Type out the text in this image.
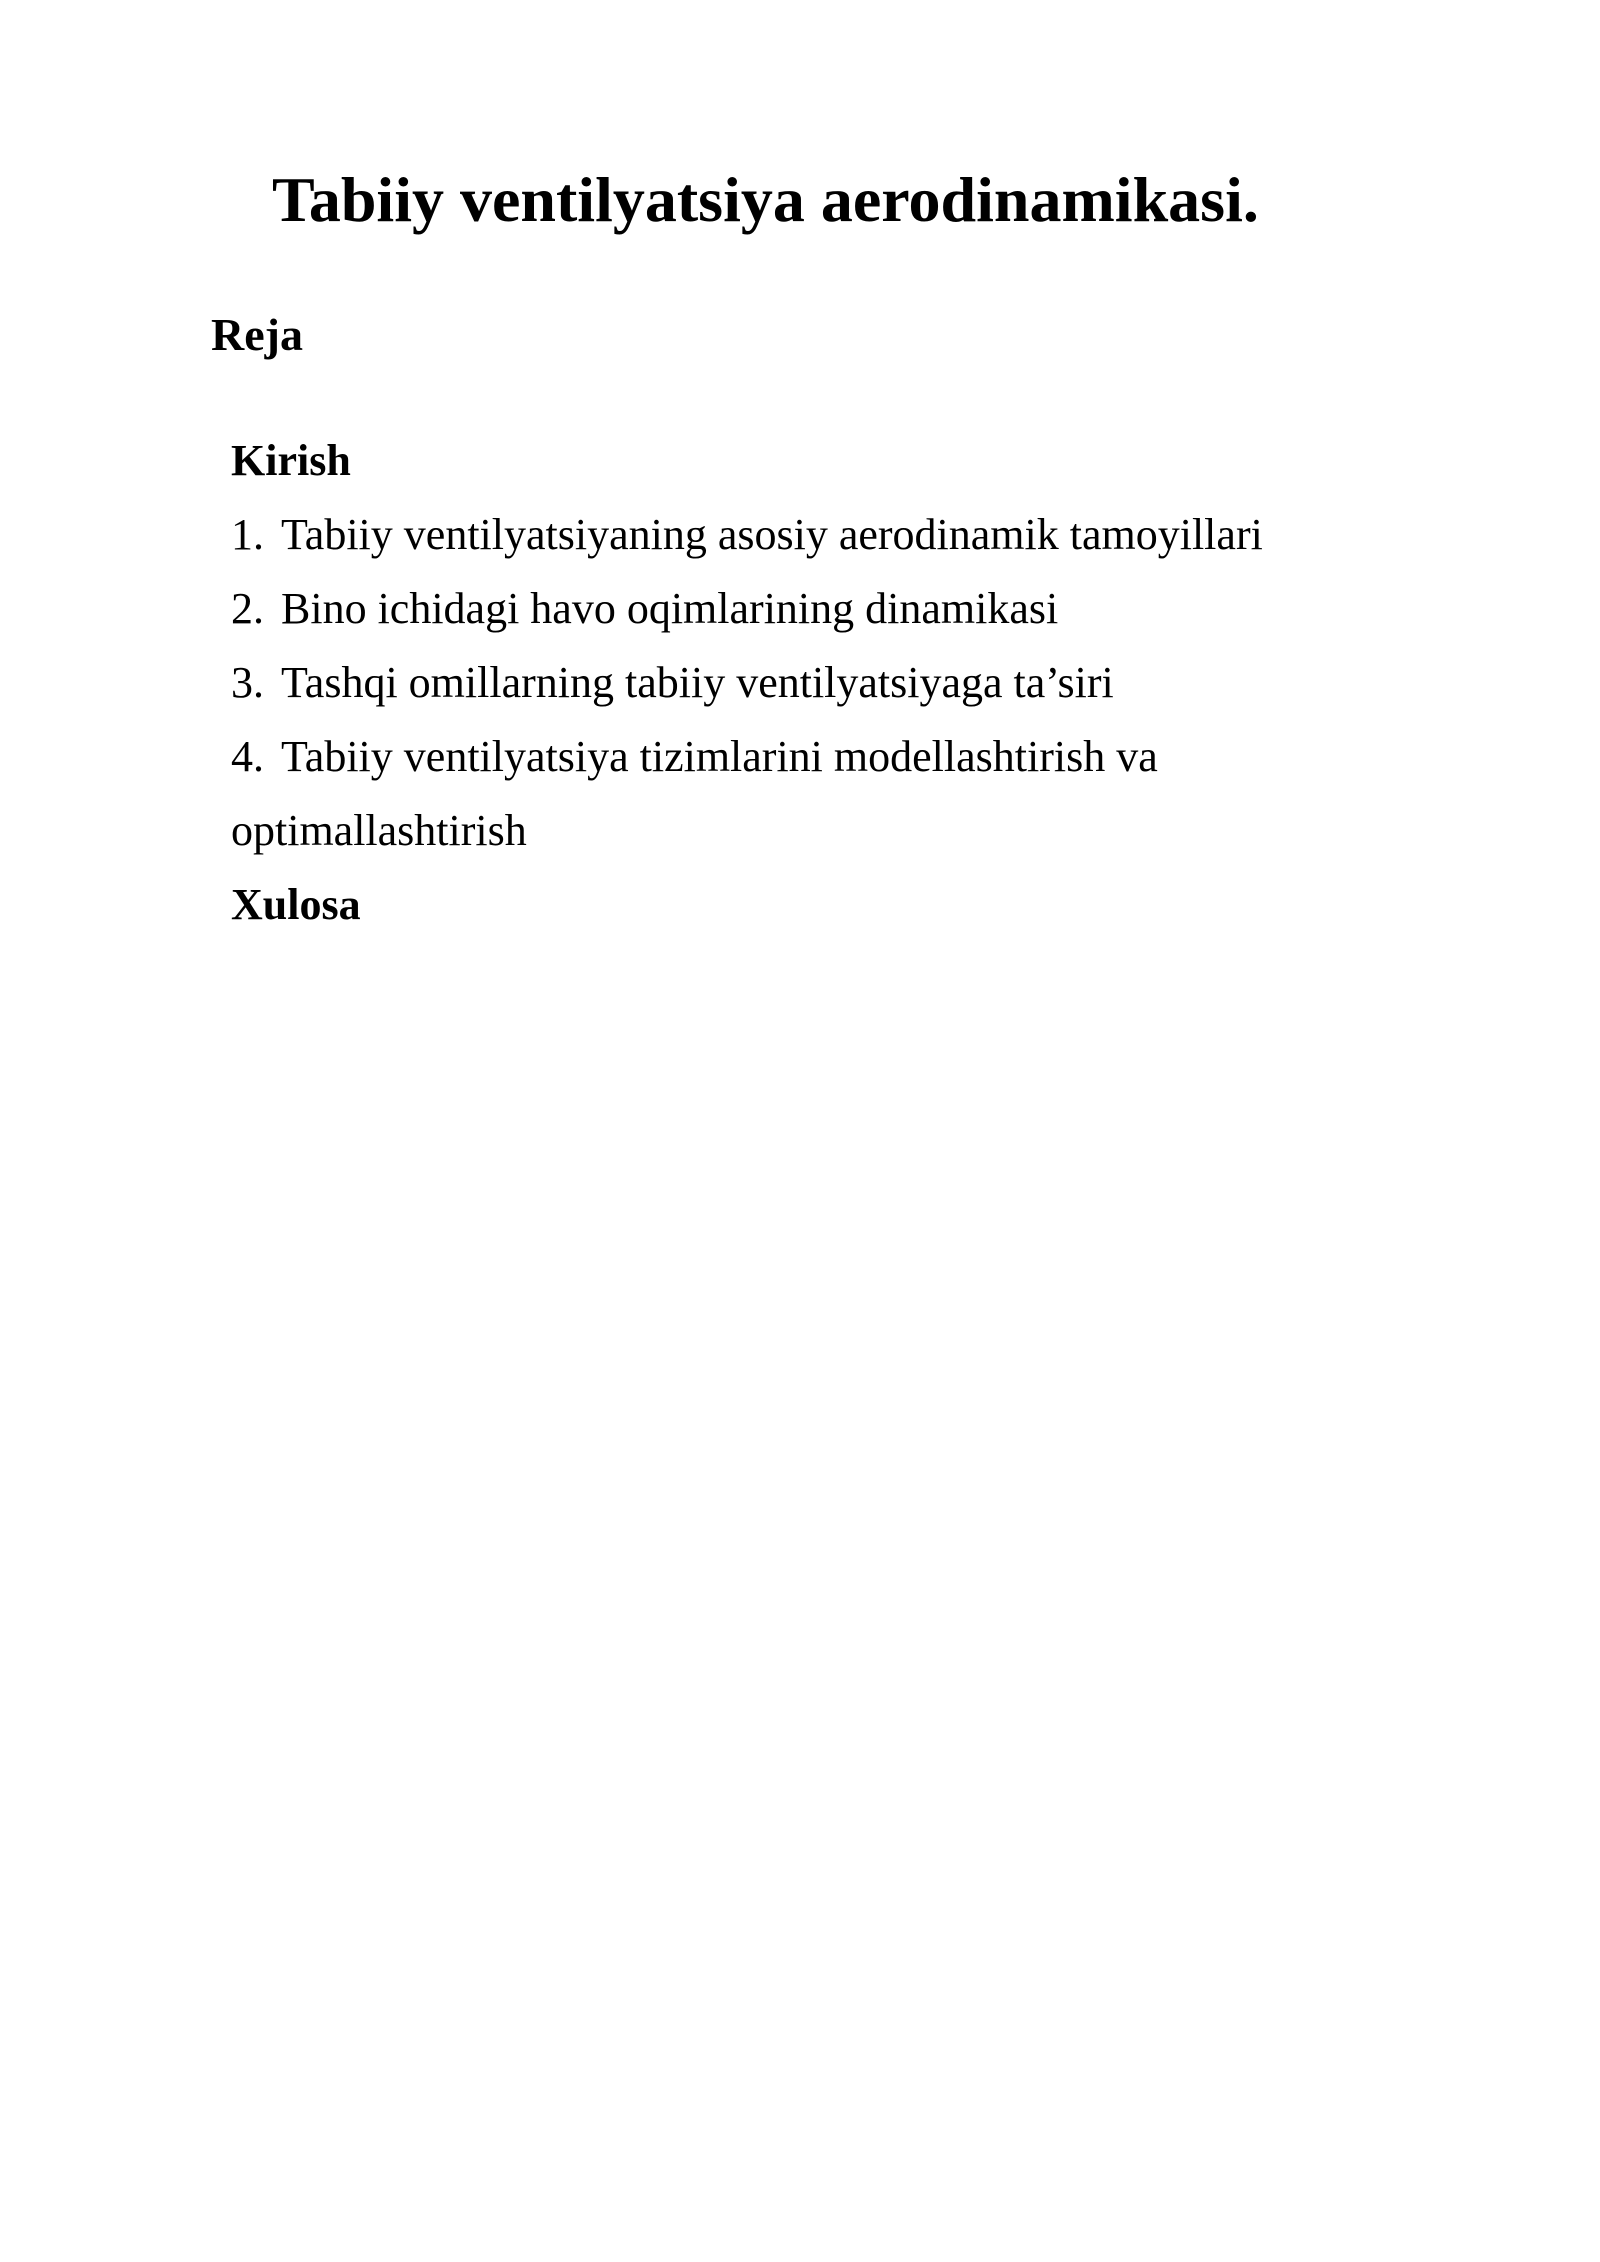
Tabiiy ventilyatsiya aerodinamikasi.
Reja
Kirish
1. Tabiiy ventilyatsiyaning asosiy aerodinamik tamoyillari
2. Bino ichidagi havo oqimlarining dinamikasi
3. Tashqi omillarning tabiiy ventilyatsiyaga ta’siri
4. Tabiiy ventilyatsiya tizimlarini modellashtirish va
optimallashtirish
Xulosa
